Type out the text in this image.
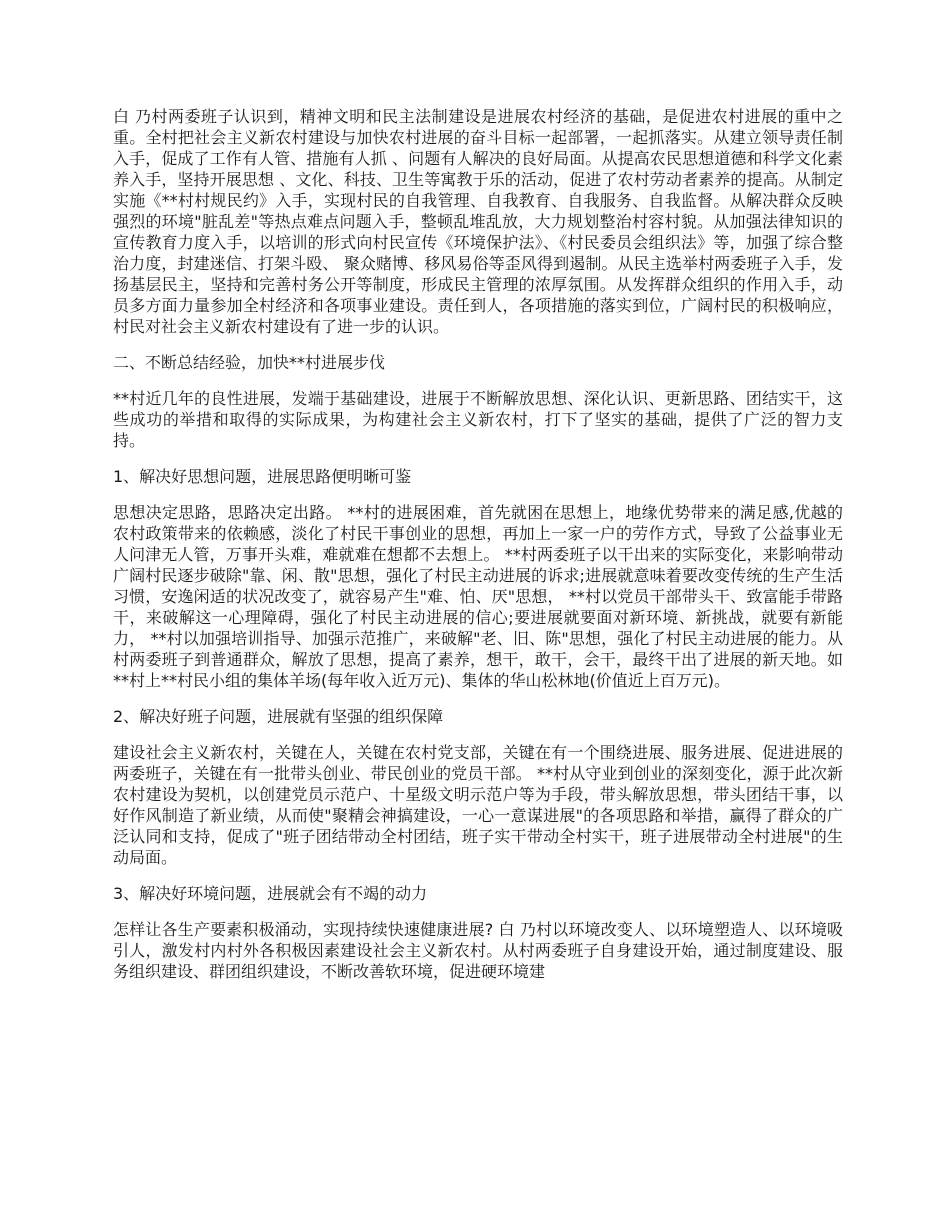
白 乃村两委班子认识到，精神文明和民主法制建设是进展农村经济的基础，是促进农村进展的重中之重。全村把社会主义新农村建设与加快农村进展的奋斗目标一起部署，一起抓落实。从建立领导责任制入手，促成了工作有人管、措施有人抓 、问题有人解决的良好局面。从提高农民思想道德和科学文化素养入手，坚持开展思想 、文化、科技、卫生等寓教于乐的活动，促进了农村劳动者素养的提高。从制定实施《**村村规民约》入手，实现村民的自我管理、自我教育、自我服务、自我监督。从解决群众反映强烈的环境"脏乱差"等热点难点问题入手，整顿乱堆乱放，大力规划整治村容村貌。从加强法律知识的宣传教育力度入手，以培训的形式向村民宣传《环境保护法》、《村民委员会组织法》等，加强了综合整治力度，封建迷信、打架斗殴、 聚众赌博、移风易俗等歪风得到遏制。从民主选举村两委班子入手，发扬基层民主，坚持和完善村务公开等制度，形成民主管理的浓厚氛围。从发挥群众组织的作用入手，动员多方面力量参加全村经济和各项事业建设。责任到人，各项措施的落实到位，广阔村民的积极响应，村民对社会主义新农村建设有了进一步的认识。

二、不断总结经验，加快**村进展步伐

**村近几年的良性进展，发端于基础建设，进展于不断解放思想、深化认识、更新思路、团结实干，这些成功的举措和取得的实际成果，为构建社会主义新农村，打下了坚实的基础，提供了广泛的智力支持。

1、解决好思想问题，进展思路便明晰可鉴

思想决定思路，思路决定出路。 **村的进展困难，首先就困在思想上，地缘优势带来的满足感,优越的农村政策带来的依赖感，淡化了村民干事创业的思想，再加上一家一户的劳作方式，导致了公益事业无人问津无人管，万事开头难，难就难在想都不去想上。 **村两委班子以干出来的实际变化，来影响带动广阔村民逐步破除"靠、闲、散"思想，强化了村民主动进展的诉求;进展就意味着要改变传统的生产生活习惯，安逸闲适的状况改变了，就容易产生"难、怕、厌"思想， **村以党员干部带头干、致富能手带路干，来破解这一心理障碍，强化了村民主动进展的信心;要进展就要面对新环境、新挑战，就要有新能力， **村以加强培训指导、加强示范推广，来破解"老、旧、陈"思想，强化了村民主动进展的能力。从村两委班子到普通群众，解放了思想，提高了素养，想干，敢干，会干，最终干出了进展的新天地。如 **村上**村民小组的集体羊场(每年收入近万元)、集体的华山松林地(价值近上百万元)。

2、解决好班子问题，进展就有坚强的组织保障

建设社会主义新农村，关键在人，关键在农村党支部，关键在有一个围绕进展、服务进展、促进进展的两委班子，关键在有一批带头创业、带民创业的党员干部。 **村从守业到创业的深刻变化，源于此次新农村建设为契机，以创建党员示范户、十星级文明示范户等为手段，带头解放思想，带头团结干事，以好作风制造了新业绩，从而使"聚精会神搞建设，一心一意谋进展"的各项思路和举措，赢得了群众的广泛认同和支持，促成了"班子团结带动全村团结，班子实干带动全村实干，班子进展带动全村进展"的生动局面。

3、解决好环境问题，进展就会有不竭的动力

怎样让各生产要素积极涌动，实现持续快速健康进展? 白 乃村以环境改变人、以环境塑造人、以环境吸引人，激发村内村外各积极因素建设社会主义新农村。从村两委班子自身建设开始，通过制度建设、服务组织建设、群团组织建设，不断改善软环境，促进硬环境建
